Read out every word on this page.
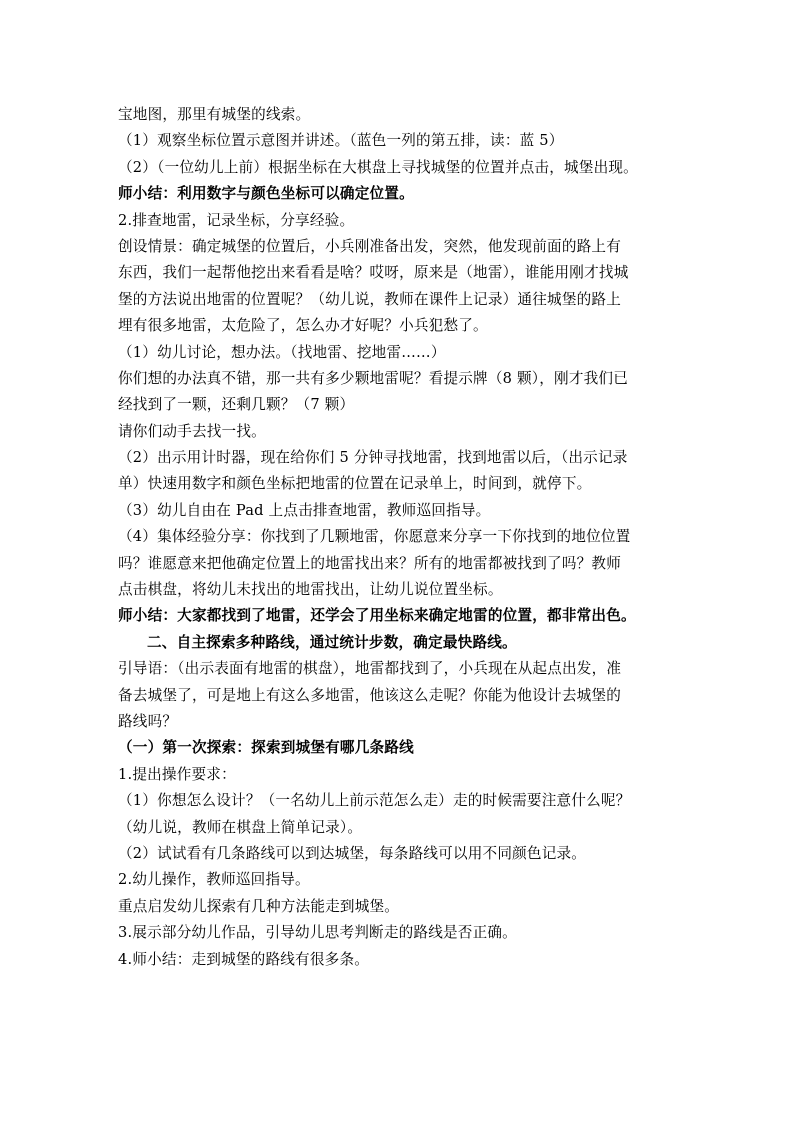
宝地图，那里有城堡的线索。
（1）观察坐标位置示意图并讲述。（蓝色一列的第五排，读：蓝 5）
（2）（一位幼儿上前）根据坐标在大棋盘上寻找城堡的位置并点击，城堡出现。
师小结：利用数字与颜色坐标可以确定位置。
2.排查地雷，记录坐标，分享经验。
创设情景：确定城堡的位置后，小兵刚准备出发，突然，他发现前面的路上有
东西，我们一起帮他挖出来看看是啥？哎呀，原来是（地雷），谁能用刚才找城
堡的方法说出地雷的位置呢？（幼儿说，教师在课件上记录）通往城堡的路上
埋有很多地雷，太危险了，怎么办才好呢？小兵犯愁了。
（1）幼儿讨论，想办法。（找地雷、挖地雷……）
你们想的办法真不错，那一共有多少颗地雷呢？看提示牌（8 颗），刚才我们已
经找到了一颗，还剩几颗？（7 颗）
请你们动手去找一找。
（2）出示用计时器，现在给你们 5 分钟寻找地雷，找到地雷以后，（出示记录
单）快速用数字和颜色坐标把地雷的位置在记录单上，时间到，就停下。
（3）幼儿自由在 Pad 上点击排查地雷，教师巡回指导。
（4）集体经验分享：你找到了几颗地雷，你愿意来分享一下你找到的地位位置
吗？谁愿意来把他确定位置上的地雷找出来？所有的地雷都被找到了吗？教师
点击棋盘，将幼儿未找出的地雷找出，让幼儿说位置坐标。
师小结：大家都找到了地雷，还学会了用坐标来确定地雷的位置，都非常出色。
二、自主探索多种路线，通过统计步数，确定最快路线。
引导语：（出示表面有地雷的棋盘），地雷都找到了，小兵现在从起点出发，准
备去城堡了，可是地上有这么多地雷，他该这么走呢？你能为他设计去城堡的
路线吗？
（一）第一次探索：探索到城堡有哪几条路线
1.提出操作要求：
（1）你想怎么设计？（一名幼儿上前示范怎么走）走的时候需要注意什么呢？
（幼儿说，教师在棋盘上简单记录）。
（2）试试看有几条路线可以到达城堡，每条路线可以用不同颜色记录。
2.幼儿操作，教师巡回指导。
重点启发幼儿探索有几种方法能走到城堡。
3.展示部分幼儿作品，引导幼儿思考判断走的路线是否正确。
4.师小结：走到城堡的路线有很多条。
